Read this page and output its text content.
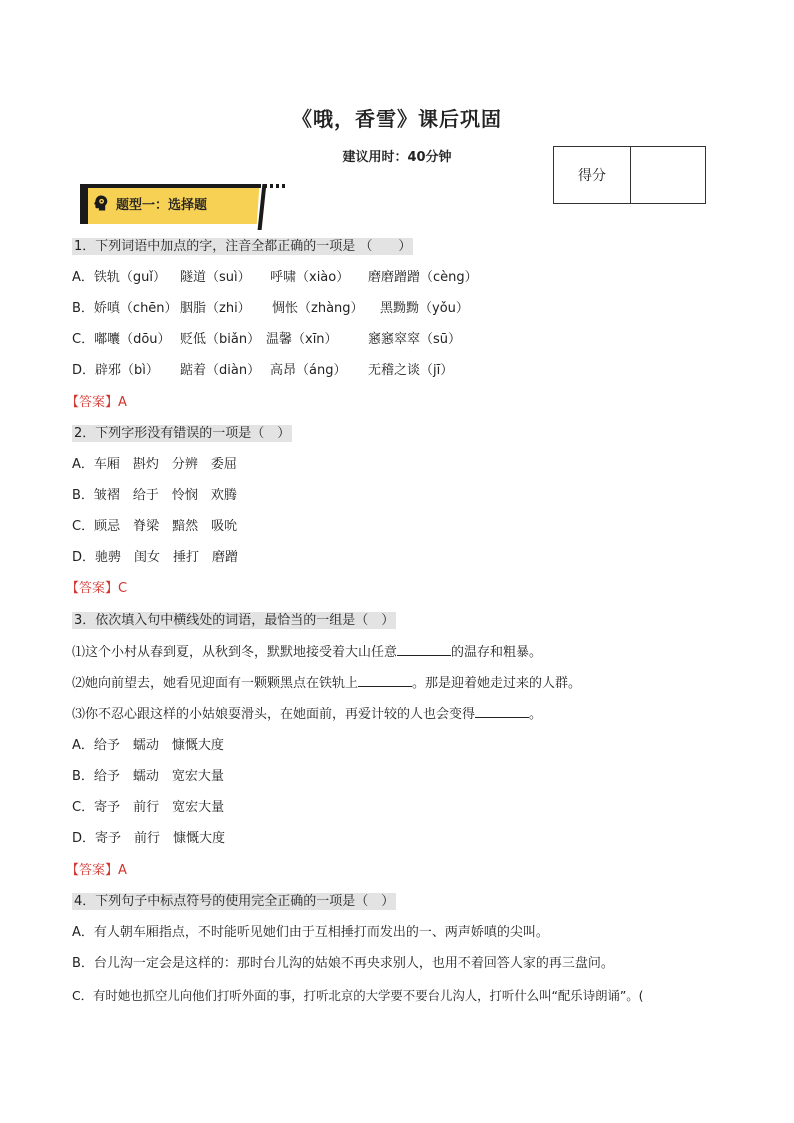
《哦，香雪》课后巩固
建议用时：40分钟
得分
题型一：选择题
1．下列词语中加点的字，注音全都正确的一项是 （　　）
A．铁轨（guǐ） 隧道（suì） 呼啸（xiào） 磨磨蹭蹭（cèng）
B．娇嗔（chēn） 胭脂（zhi） 惆怅（zhàng） 黑黝黝（yǒu）
C．嘟囔（dōu） 贬低（biǎn） 温馨（xīn） 窸窸窣窣（sū）
D．辟邪（bì） 踮着（diàn） 高昂（áng） 无稽之谈（jī）
【答案】A
2．下列字形没有错误的一项是（　）
A．车厢　斟灼　分辨　委屈
B．皱褶　给于　怜悯　欢腾
C．顾忌　脊梁　黯然　吸吮
D．驰骋　闺女　捶打　磨蹭
【答案】C
3．依次填入句中横线处的词语，最恰当的一组是（　）
⑴这个小村从春到夏，从秋到冬，默默地接受着大山任意	的温存和粗暴。
⑵她向前望去，她看见迎面有一颗颗黑点在铁轨上	。那是迎着她走过来的人群。
⑶你不忍心跟这样的小姑娘耍滑头，在她面前，再爱计较的人也会变得	。
A．给予　蠕动　慷慨大度
B．给予　蠕动　宽宏大量
C．寄予　前行　宽宏大量
D．寄予　前行　慷慨大度
【答案】A
4．下列句子中标点符号的使用完全正确的一项是（　）
A．有人朝车厢指点，不时能听见她们由于互相捶打而发出的一、两声娇嗔的尖叫。
B．台儿沟一定会是这样的：那时台儿沟的姑娘不再央求别人，也用不着回答人家的再三盘问。
C．有时她也抓空儿向他们打听外面的事，打听北京的大学要不要台儿沟人，打听什么叫“配乐诗朗诵”。(
